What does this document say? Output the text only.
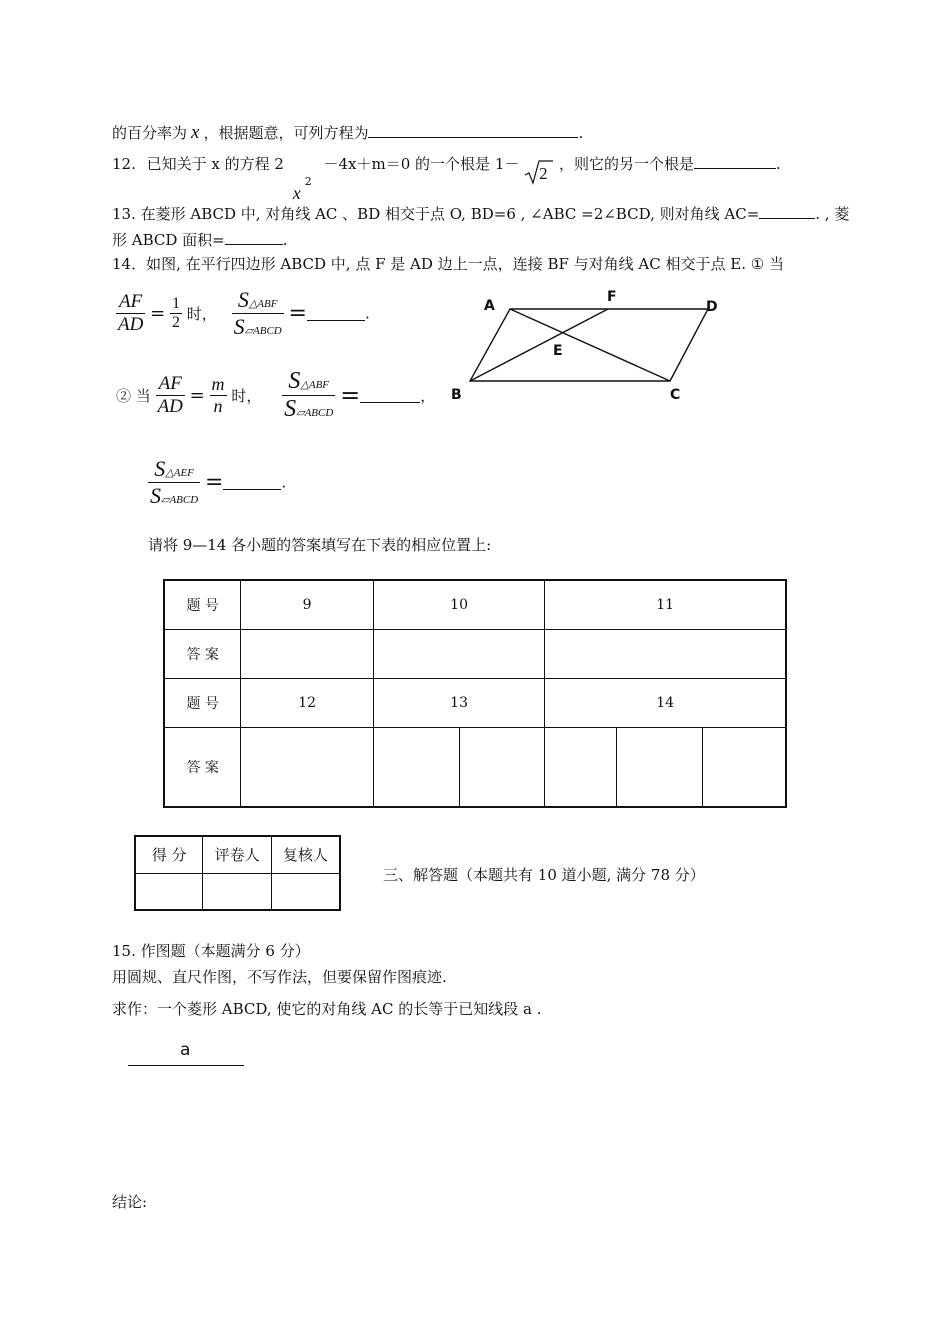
的百分率为 x ，根据题意，可列方程为	.
12. 已知关于 x 的方程 2
x
2
－4x＋m＝0 的一个根是 1－ 2 ，则它的另一个根是	.
13. 在菱形 ABCD 中, 对角线 AC 、BD 相交于点 O, BD=6 , ∠ABC =2∠BCD, 则对角线 AC=	. , 菱
形 ABCD 面积=	.
14．如图, 在平行四边形 ABCD 中, 点 F 是 AD 边上一点，连接 BF 与对角线 AC 相交于点 E. ① 当
$\frac{AF}{AD} = \frac{1}{2}$ 时， $\frac{\text{S△ABF}}{\text{S▱ABCD}}$ =	.
② 当 $\frac{AF}{AD} = \frac{m}{n}$ 时， $\frac{\text{S△ABF}}{\text{S▱ABCD}}$ =	，
$\frac{\text{S△AEF}}{\text{S▱ABCD}}$ =	.
A
F
D
E
B	C
请将 9—14 各小题的答案填写在下表的相应位置上:
题 号	9	10		11		
答 案						
题 号	12	13		14		
答 案						
得 分	评卷人	复核人

三、解答题（本题共有 10 道小题, 满分 78 分）
15. 作图题（本题满分 6 分）
用圆规、直尺作图，不写作法，但要保留作图痕迹.
求作：一个菱形 ABCD, 使它的对角线 AC 的长等于已知线段 a .
a
结论:
